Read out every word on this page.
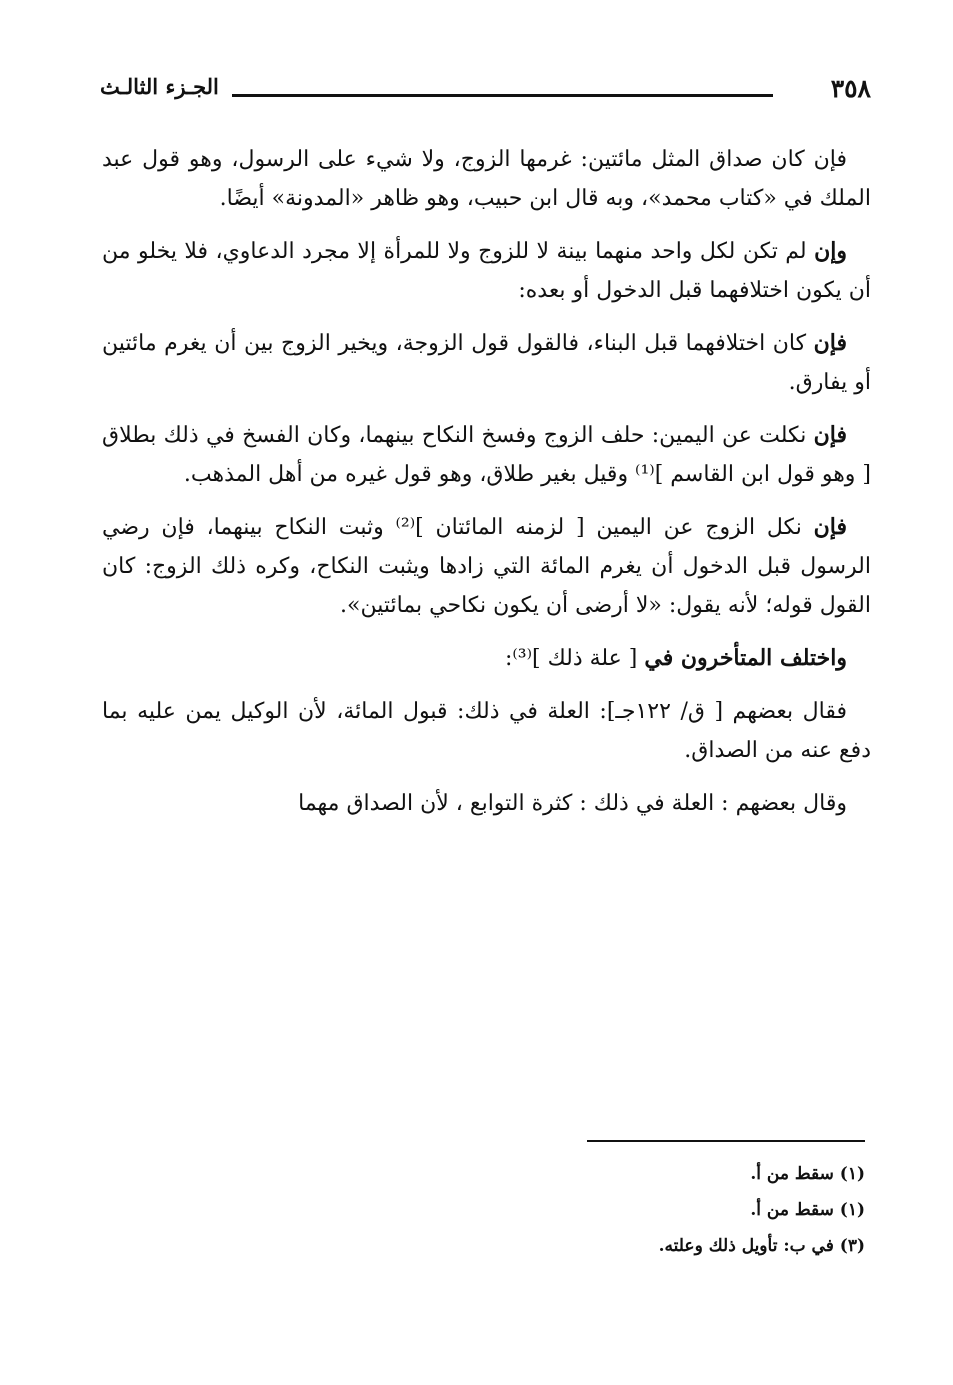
٣٥٨
الجـزء الثالـث

فإن كان صداق المثل مائتين: غرمها الزوج، ولا شيء على الرسول، وهو قول عبد الملك في «كتاب محمد»، وبه قال ابن حبيب، وهو ظاهر «المدونة» أيضًا.

وإن لم تكن لكل واحد منهما بينة لا للزوج ولا للمرأة إلا مجرد الدعاوي، فلا يخلو من أن يكون اختلافهما قبل الدخول أو بعده:

فإن كان اختلافهما قبل البناء، فالقول قول الزوجة، ويخير الزوج بين أن يغرم مائتين أو يفارق.

فإن نكلت عن اليمين: حلف الزوج وفسخ النكاح بينهما، وكان الفسخ في ذلك بطلاق [ وهو قول ابن القاسم ]⁽¹⁾ وقيل بغير طلاق، وهو قول غيره من أهل المذهب.

فإن نكل الزوج عن اليمين [ لزمنه المائتان ]⁽²⁾ وثبت النكاح بينهما، فإن رضي الرسول قبل الدخول أن يغرم المائة التي زادها ويثبت النكاح، وكره ذلك الزوج: كان القول قوله؛ لأنه يقول: «لا أرضى أن يكون نكاحي بمائتين».

واختلف المتأخرون في [ علة ذلك ]⁽³⁾:

فقال بعضهم [ ق/ ١٢٢جـ]: العلة في ذلك: قبول المائة، لأن الوكيل يمن عليه بما دفع عنه من الصداق.

وقال بعضهم : العلة في ذلك : كثرة التوابع ، لأن الصداق مهما

(١) سقط من أ.
(١) سقط من أ.
(٣) في ب: تأويل ذلك وعلته.
